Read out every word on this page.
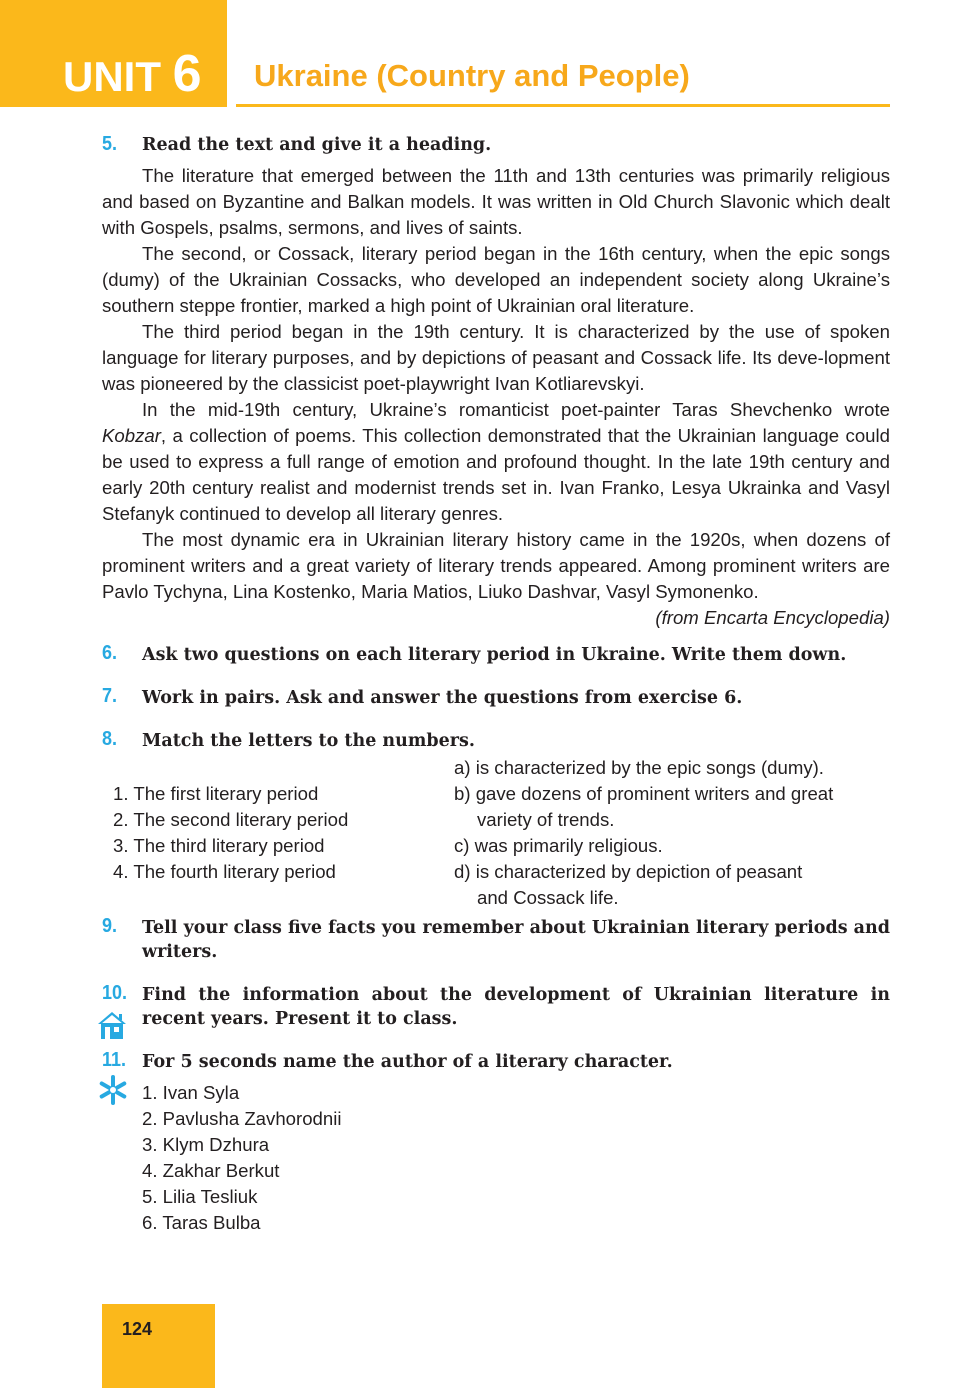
UNIT 6 Ukraine (Country and People)
5. Read the text and give it a heading.

The literature that emerged between the 11th and 13th centuries was primarily religious and based on Byzantine and Balkan models. It was written in Old Church Slavonic which dealt with Gospels, psalms, sermons, and lives of saints.

The second, or Cossack, literary period began in the 16th century, when the epic songs (dumy) of the Ukrainian Cossacks, who developed an independent society along Ukraine’s southern steppe frontier, marked a high point of Ukrainian oral literature.

The third period began in the 19th century. It is characterized by the use of spoken language for literary purposes, and by depictions of peasant and Cossack life. Its deve-lopment was pioneered by the classicist poet-playwright Ivan Kotliarevskyi.

In the mid-19th century, Ukraine’s romanticist poet-painter Taras Shevchenko wrote Kobzar, a collection of poems. This collection demonstrated that the Ukrainian language could be used to express a full range of emotion and profound thought. In the late 19th century and early 20th century realist and modernist trends set in. Ivan Franko, Lesya Ukrainka and Vasyl Stefanyk continued to develop all literary genres.

The most dynamic era in Ukrainian literary history came in the 1920s, when dozens of prominent writers and a great variety of literary trends appeared. Among prominent writers are Pavlo Tychyna, Lina Kostenko, Maria Matios, Liuko Dashvar, Vasyl Symonenko.

(from Encarta Encyclopedia)
6. Ask two questions on each literary period in Ukraine. Write them down.
7. Work in pairs. Ask and answer the questions from exercise 6.
8. Match the letters to the numbers.
1. The first literary period
2. The second literary period
3. The third literary period
4. The fourth literary period
a) is characterized by the epic songs (dumy).
b) gave dozens of prominent writers and great
variety of trends.
c) was primarily religious.
d) is characterized by depiction of peasant
and Cossack life.
9. Tell your class five facts you remember about Ukrainian literary periods and writers.
10. Find the information about the development of Ukrainian literature in recent years. Present it to class.
11. For 5 seconds name the author of a literary character.
1. Ivan Syla
2. Pavlusha Zavhorodnii
3. Klym Dzhura
4. Zakhar Berkut
5. Lilia Tesliuk
6. Taras Bulba
124
